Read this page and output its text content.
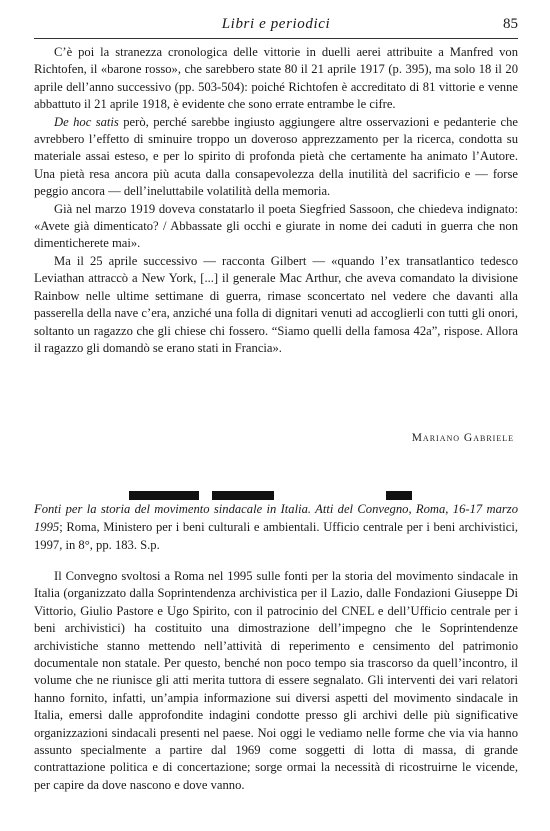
Libri e periodici	85

C’è poi la stranezza cronologica delle vittorie in duelli aerei attribuite a Manfred von Richtofen, il «barone rosso», che sarebbero state 80 il 21 aprile 1917 (p. 395), ma solo 18 il 20 aprile dell’anno successivo (pp. 503-504): poiché Richtofen è accreditato di 81 vittorie e venne abbattuto il 21 aprile 1918, è evidente che sono errate entrambe le cifre.

De hoc satis però, perché sarebbe ingiusto aggiungere altre osservazioni e pedanterie che avrebbero l’effetto di sminuire troppo un doveroso apprezzamento per la ricerca, condotta su materiale assai esteso, e per lo spirito di profonda pietà che certamente ha animato l’Autore. Una pietà resa ancora più acuta dalla consapevolezza della inutilità del sacrificio e — forse peggio ancora — dell’ineluttabile volatilità della memoria.

Già nel marzo 1919 doveva constatarlo il poeta Siegfried Sassoon, che chiedeva indignato: «Avete già dimenticato? / Abbassate gli occhi e giurate in nome dei caduti in guerra che non dimenticherete mai».

Ma il 25 aprile successivo — racconta Gilbert — «quando l’ex transatlantico tedesco Leviathan attraccò a New York, [...] il generale Mac Arthur, che aveva comandato la divisione Rainbow nelle ultime settimane di guerra, rimase sconcertato nel vedere che davanti alla passerella della nave c’era, anziché una folla di dignitari venuti ad accoglierli con tutti gli onori, soltanto un ragazzo che gli chiese chi fossero. “Siamo quelli della famosa 42a”, rispose. Allora il ragazzo gli domandò se erano stati in Francia».

Mariano Gabriele
Fonti per la storia del movimento sindacale in Italia. Atti del Convegno, Roma, 16-17 marzo 1995; Roma, Ministero per i beni culturali e ambientali. Ufficio centrale per i beni archivistici, 1997, in 8°, pp. 183. S.p.

Il Convegno svoltosi a Roma nel 1995 sulle fonti per la storia del movimento sindacale in Italia (organizzato dalla Soprintendenza archivistica per il Lazio, dalle Fondazioni Giuseppe Di Vittorio, Giulio Pastore e Ugo Spirito, con il patrocinio del CNEL e dell’Ufficio centrale per i beni archivistici) ha costituito una dimostrazione dell’impegno che le Soprintendenze archivistiche stanno mettendo nell’attività di reperimento e censimento del patrimonio documentale non statale. Per questo, benché non poco tempo sia trascorso da quell’incontro, il volume che ne riunisce gli atti merita tuttora di essere segnalato. Gli interventi dei vari relatori hanno fornito, infatti, un’ampia informazione sui diversi aspetti del movimento sindacale in Italia, emersi dalle approfondite indagini condotte presso gli archivi delle più significative organizzazioni sindacali presenti nel paese. Noi oggi le vediamo nelle forme che via via hanno assunto specialmente a partire dal 1969 come soggetti di lotta di massa, di grande contrattazione politica e di concertazione; sorge ormai la necessità di ricostruirne le vicende, per capire da dove nascono e dove vanno.
